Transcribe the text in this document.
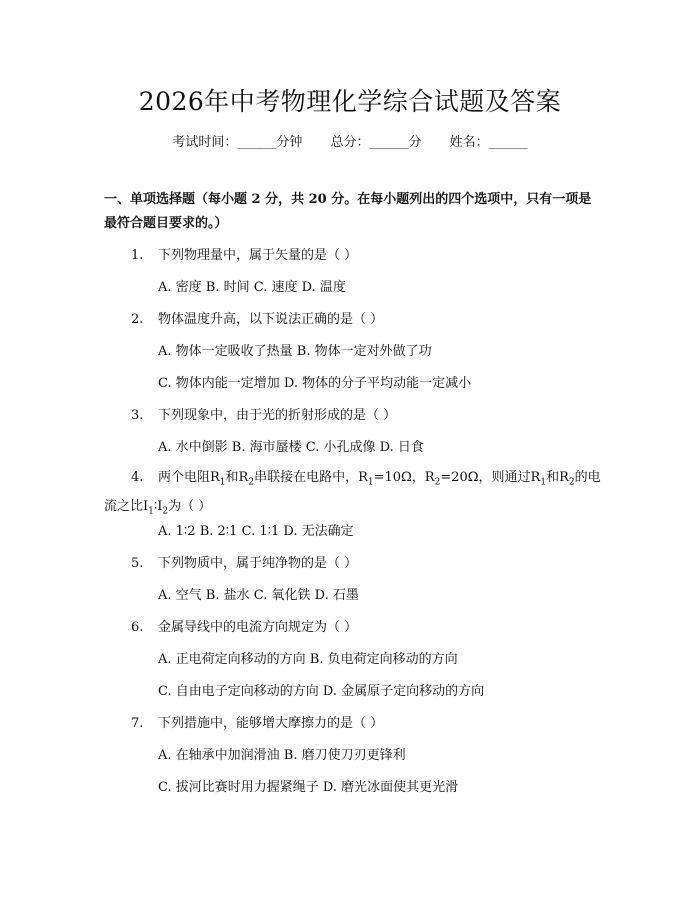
2026年中考物理化学综合试题及答案
考试时间：______分钟 总分：______分 姓名：______
一、单项选择题（每小题 2 分，共 20 分。在每小题列出的四个选项中，只有一项是最符合题目要求的。）
1. 下列物理量中，属于矢量的是（ ）
A. 密度 B. 时间 C. 速度 D. 温度
2. 物体温度升高，以下说法正确的是（ ）
A. 物体一定吸收了热量 B. 物体一定对外做了功
C. 物体内能一定增加 D. 物体的分子平均动能一定减小
3. 下列现象中，由于光的折射形成的是（ ）
A. 水中倒影 B. 海市蜃楼 C. 小孔成像 D. 日食
4. 两个电阻$R_1$和$R_2$串联接在电路中，$R_1=10\Omega$，$R_2=20\Omega$，则通过$R_1$和$R_2$的电流之比$I_1∶I_2$为（ ）
A. 1∶2 B. 2∶1 C. 1∶1 D. 无法确定
5. 下列物质中，属于纯净物的是（ ）
A. 空气 B. 盐水 C. 氧化铁 D. 石墨
6. 金属导线中的电流方向规定为（ ）
A. 正电荷定向移动的方向 B. 负电荷定向移动的方向
C. 自由电子定向移动的方向 D. 金属原子定向移动的方向
7. 下列措施中，能够增大摩擦力的是（ ）
A. 在轴承中加润滑油 B. 磨刀使刀刃更锋利
C. 拔河比赛时用力握紧绳子 D. 磨光冰面使其更光滑
